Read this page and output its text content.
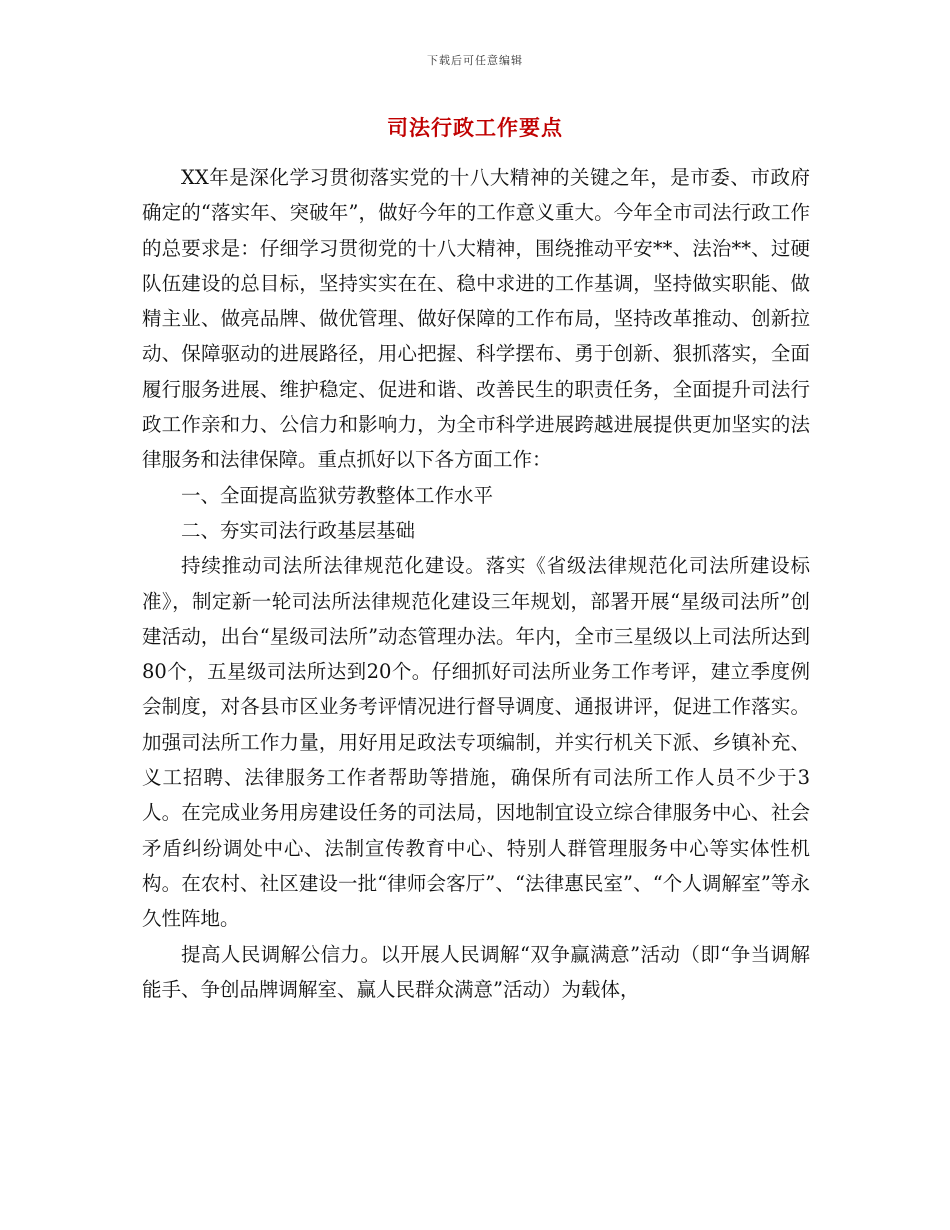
下载后可任意编辑
司法行政工作要点

XX年是深化学习贯彻落实党的十八大精神的关键之年，是市委、市政府确定的“落实年、突破年”，做好今年的工作意义重大。今年全市司法行政工作的总要求是：仔细学习贯彻党的十八大精神，围绕推动平安**、法治**、过硬队伍建设的总目标，坚持实实在在、稳中求进的工作基调，坚持做实职能、做精主业、做亮品牌、做优管理、做好保障的工作布局，坚持改革推动、创新拉动、保障驱动的进展路径，用心把握、科学摆布、勇于创新、狠抓落实，全面履行服务进展、维护稳定、促进和谐、改善民生的职责任务，全面提升司法行政工作亲和力、公信力和影响力，为全市科学进展跨越进展提供更加坚实的法律服务和法律保障。重点抓好以下各方面工作：

一、全面提高监狱劳教整体工作水平

二、夯实司法行政基层基础

持续推动司法所法律规范化建设。落实《省级法律规范化司法所建设标准》，制定新一轮司法所法律规范化建设三年规划，部署开展“星级司法所”创建活动，出台“星级司法所”动态管理办法。年内，全市三星级以上司法所达到80个，五星级司法所达到20个。仔细抓好司法所业务工作考评，建立季度例会制度，对各县市区业务考评情况进行督导调度、通报讲评，促进工作落实。加强司法所工作力量，用好用足政法专项编制，并实行机关下派、乡镇补充、义工招聘、法律服务工作者帮助等措施，确保所有司法所工作人员不少于3人。在完成业务用房建设任务的司法局，因地制宜设立综合律服务中心、社会矛盾纠纷调处中心、法制宣传教育中心、特别人群管理服务中心等实体性机构。在农村、社区建设一批“律师会客厅”、“法律惠民室”、“个人调解室”等永久性阵地。

提高人民调解公信力。以开展人民调解“双争赢满意”活动（即“争当调解能手、争创品牌调解室、赢人民群众满意”活动）为载体，
